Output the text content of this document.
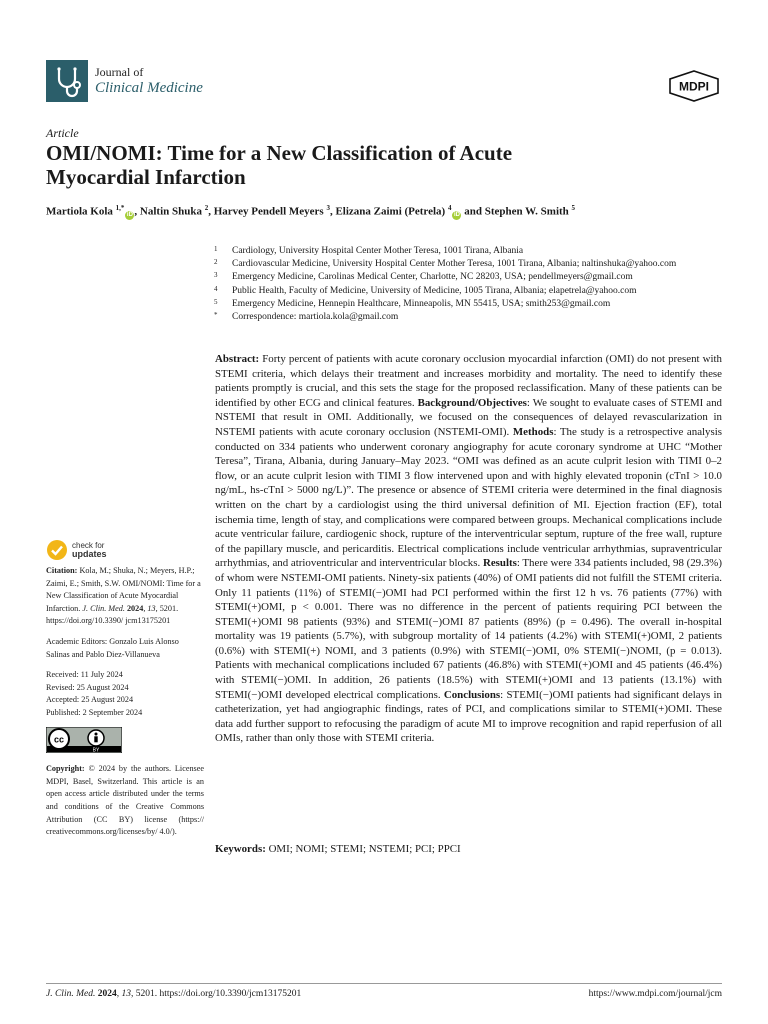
Journal of
Clinical Medicine	MDPI
Article
OMI/NOMI: Time for a New Classification of Acute
Myocardial Infarction
Martiola Kola $^{1,*}$iD , Naltin Shuka $^2$, Harvey Pendell Meyers $^3$, Elizana Zaimi (Petrela) $^4$iD and Stephen W. Smith $^5$
1 Cardiology, University Hospital Center Mother Teresa, 1001 Tirana, Albania
2 Cardiovascular Medicine, University Hospital Center Mother Teresa, 1001 Tirana, Albania; naltinshuka@yahoo.com
3 Emergency Medicine, Carolinas Medical Center, Charlotte, NC 28203, USA; pendellmeyers@gmail.com
4 Public Health, Faculty of Medicine, University of Medicine, 1005 Tirana, Albania; elapetrela@yahoo.com
5 Emergency Medicine, Hennepin Healthcare, Minneapolis, MN 55415, USA; smith253@gmail.com
* Correspondence: martiola.kola@gmail.com
Abstract: Forty percent of patients with acute coronary occlusion myocardial infarction (OMI) do not present with STEMI criteria, which delays their treatment and increases morbidity and mortality. The need to identify these patients promptly is crucial, and this sets the stage for the proposed reclassification. Many of these patients can be identified by other ECG and clinical features. Background/Objectives: We sought to evaluate cases of STEMI and NSTEMI that result in OMI. Additionally, we focused on the consequences of delayed revascularization in NSTEMI patients with acute coronary occlusion (NSTEMI-OMI). Methods: The study is a retrospective analysis conducted on 334 patients who underwent coronary angiography for acute coronary syndrome at UHC “Mother Teresa”, Tirana, Albania, during January–May 2023. “OMI was defined as an acute culprit lesion with TIMI 0–2 flow, or an acute culprit lesion with TIMI 3 flow intervened upon and with highly elevated troponin (cTnI > 10.0 ng/mL, hs-cTnI > 5000 ng/L)”. The presence or absence of STEMI criteria were determined in the final diagnosis written on the chart by a cardiologist using the third universal definition of MI. Ejection fraction (EF), total ischemia time, length of stay, and complications were compared between groups. Mechanical complications include acute ventricular failure, cardiogenic shock, rupture of the interventricular septum, rupture of the free wall, rupture of the papillary muscle, and pericarditis. Electrical complications include ventricular arrhythmias, supraventricular arrhythmias, and atrioventricular and interventricular blocks. Results: There were 334 patients included, 98 (29.3%) of whom were NSTEMI-OMI patients. Ninety-six patients (40%) of OMI patients did not fulfill the STEMI criteria. Only 11 patients (11%) of STEMI(−)OMI had PCI performed within the first 12 h vs. 76 patients (77%) with STEMI(+)OMI, p < 0.001. There was no difference in the percent of patients requiring PCI between the STEMI(+)OMI 98 patients (93%) and STEMI(−)OMI 87 patients (89%) (p = 0.496). The overall in-hospital mortality was 19 patients (5.7%), with subgroup mortality of 14 patients (4.2%) with STEMI(+)OMI, 2 patients (0.6%) with STEMI(+) NOMI, and 3 patients (0.9%) with STEMI(−)OMI, 0% STEMI(−)NOMI, (p = 0.013). Patients with mechanical complications included 67 patients (46.8%) with STEMI(+)OMI and 45 patients (46.4%) with STEMI(−)OMI. In addition, 26 patients (18.5%) with STEMI(+)OMI and 13 patients (13.1%) with STEMI(−)OMI developed electrical complications. Conclusions: STEMI(−)OMI patients had significant delays in catheterization, yet had angiographic findings, rates of PCI, and complications similar to STEMI(+)OMI. These data add further support to refocusing the paradigm of acute MI to improve recognition and rapid reperfusion of all OMIs, rather than only those with STEMI criteria.
Keywords: OMI; NOMI; STEMI; NSTEMI; PCI; PPCI
check for
updates
Citation: Kola, M.; Shuka, N.; Meyers, H.P.; Zaimi, E.; Smith, S.W. OMI/NOMI: Time for a New Classification of Acute Myocardial Infarction. J. Clin. Med. 2024, 13, 5201. https://doi.org/10.3390/ jcm13175201
Academic Editors: Gonzalo Luis Alonso Salinas and Pablo Diez-Villanueva
Received: 11 July 2024
Revised: 25 August 2024
Accepted: 25 August 2024
Published: 2 September 2024
cc
BY
Copyright: © 2024 by the authors. Licensee MDPI, Basel, Switzerland. This article is an open access article distributed under the terms and conditions of the Creative Commons Attribution (CC BY) license (https:// creativecommons.org/licenses/by/ 4.0/).
J. Clin. Med. 2024, 13, 5201. https://doi.org/10.3390/jcm13175201	https://www.mdpi.com/journal/jcm
